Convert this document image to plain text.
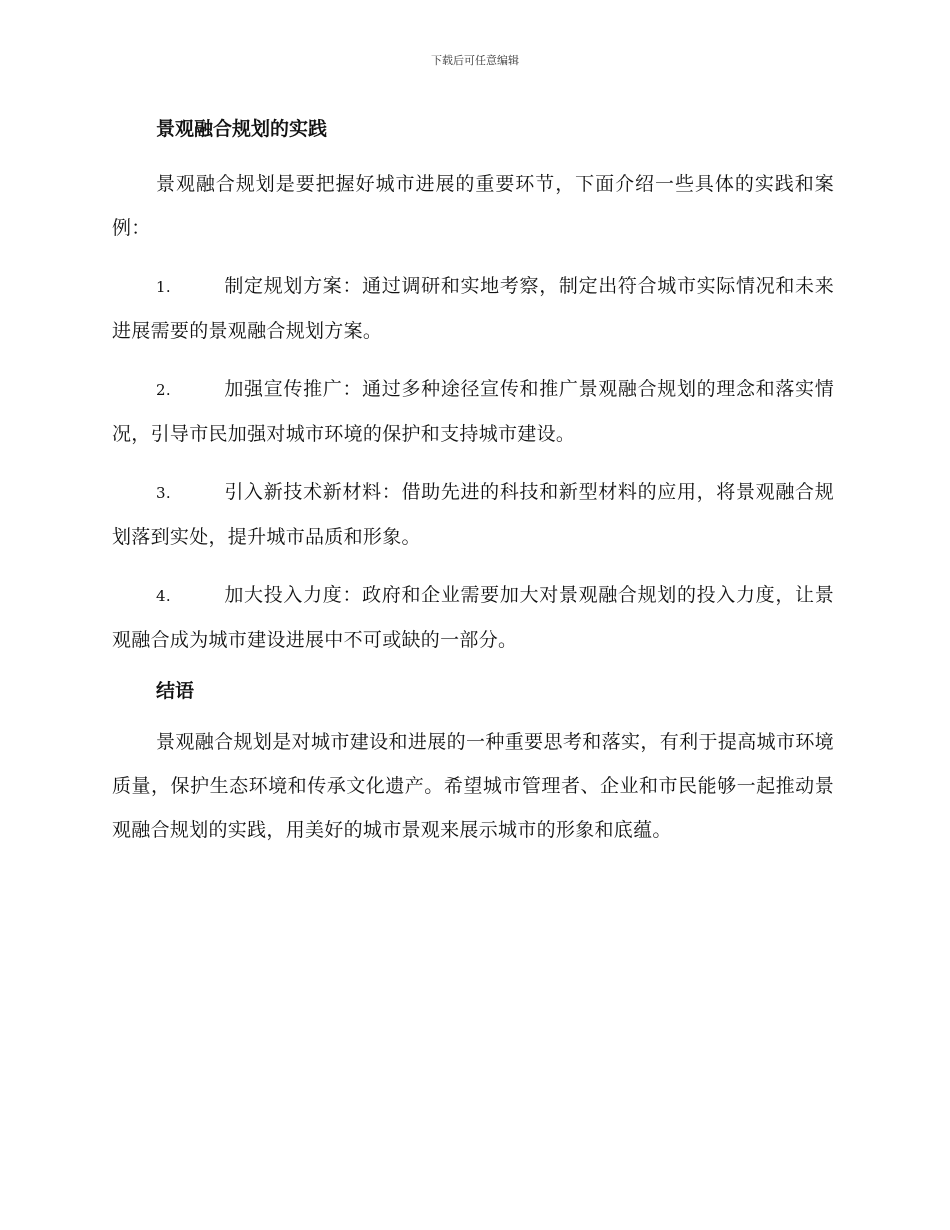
下载后可任意编辑
景观融合规划的实践

景观融合规划是要把握好城市进展的重要环节，下面介绍一些具体的实践和案例：

1.	制定规划方案：通过调研和实地考察，制定出符合城市实际情况和未来进展需要的景观融合规划方案。

2.	加强宣传推广：通过多种途径宣传和推广景观融合规划的理念和落实情况，引导市民加强对城市环境的保护和支持城市建设。

3.	引入新技术新材料：借助先进的科技和新型材料的应用，将景观融合规划落到实处，提升城市品质和形象。

4.	加大投入力度：政府和企业需要加大对景观融合规划的投入力度，让景观融合成为城市建设进展中不可或缺的一部分。

结语

景观融合规划是对城市建设和进展的一种重要思考和落实，有利于提高城市环境质量，保护生态环境和传承文化遗产。希望城市管理者、企业和市民能够一起推动景观融合规划的实践，用美好的城市景观来展示城市的形象和底蕴。
